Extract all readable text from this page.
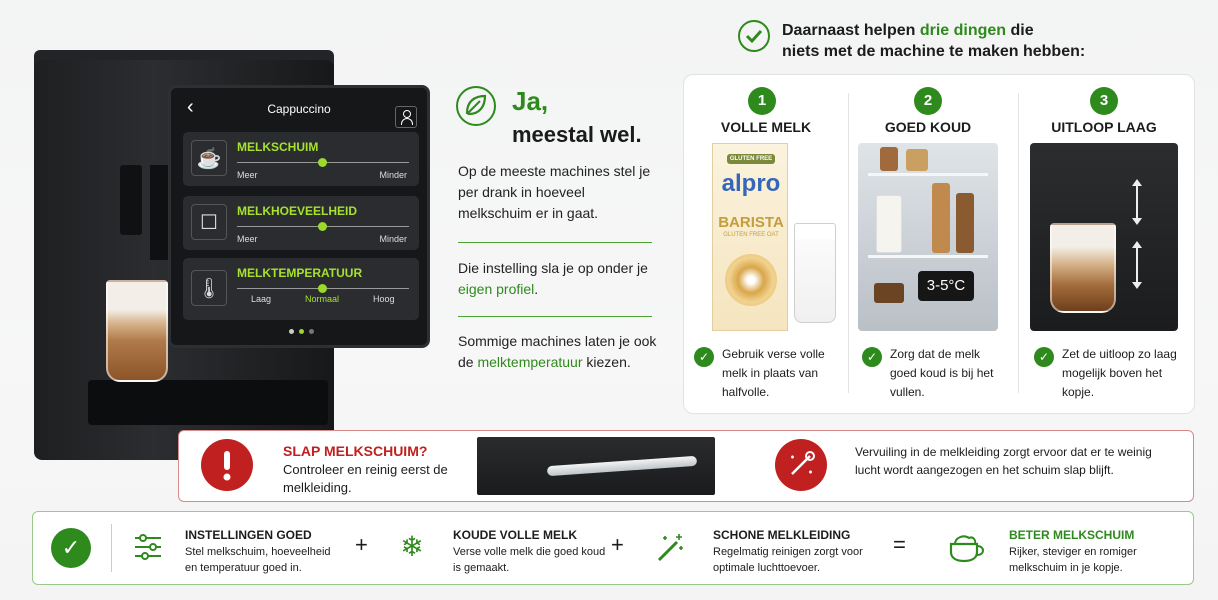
‹	Cappuccino
☕
MELKSCHUIM
Meer	Minder
☐
MELKHOEVEELHEID
Meer	Minder
🌡
MELKTEMPERATUUR
Laag	Normaal	Hoog
Ja,
meestal wel.

Op de meeste machines stel je per drank in hoeveel melkschuim er in gaat.

Die instelling sla je op onder je eigen profiel.

Sommige machines laten je ook de melktemperatuur kiezen.

Daarnaast helpen drie dingen die
niets met de machine te maken hebben:
1
VOLLE MELK
GLUTEN FREE
alpro
BARISTA
GLUTEN FREE OAT
✓	Gebruik verse volle melk in plaats van halfvolle.
2
GOED KOUD
3-5°C
✓	Zorg dat de melk goed koud is bij het vullen.
3
UITLOOP LAAG
✓	Zet de uitloop zo laag mogelijk boven het kopje.
SLAP MELKSCHUIM?
Controleer en reinig eerst de melkleiding.
Vervuiling in de melkleiding zorgt ervoor dat er te weinig lucht wordt aangezogen en het schuim slap blijft.
✓	INSTELLINGEN GOED
Stel melkschuim, hoeveelheid en temperatuur goed in.
+ ❄	KOUDE VOLLE MELK
Verse volle melk die goed koud is gemaakt.
+	SCHONE MELKLEIDING
Regelmatig reinigen zorgt voor optimale luchttoevoer.
=	BETER MELKSCHUIM
Rijker, steviger en romiger melkschuim in je kopje.
